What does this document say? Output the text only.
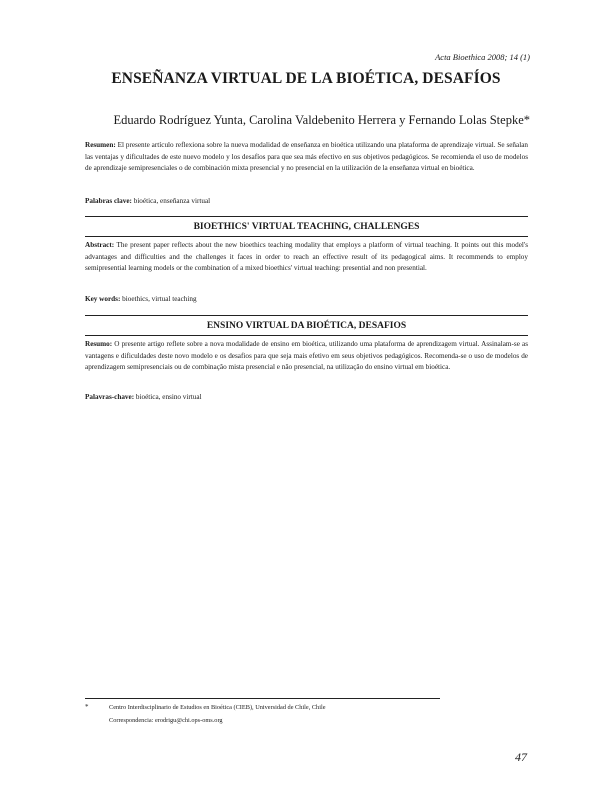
Acta Bioethica 2008; 14 (1)
ENSEÑANZA VIRTUAL DE LA BIOÉTICA, DESAFÍOS
Eduardo Rodríguez Yunta, Carolina Valdebenito Herrera y Fernando Lolas Stepke*
Resumen: El presente artículo reflexiona sobre la nueva modalidad de enseñanza en bioética utilizando una plataforma de aprendizaje virtual. Se señalan las ventajas y dificultades de este nuevo modelo y los desafíos para que sea más efectivo en sus objetivos pedagógicos. Se recomienda el uso de modelos de aprendizaje semipresenciales o de combinación mixta presencial y no presencial en la utilización de la enseñanza virtual en bioética.
Palabras clave: bioética, enseñanza virtual
BIOETHICS' VIRTUAL TEACHING, CHALLENGES
Abstract: The present paper reflects about the new bioethics teaching modality that employs a platform of virtual teaching. It points out this model's advantages and difficulties and the challenges it faces in order to reach an effective result of its pedagogical aims. It recommends to employ semipresential learning models or the combination of a mixed bioethics' virtual teaching: presential and non presential.
Key words: bioethics, virtual teaching
ENSINO VIRTUAL DA BIOÉTICA, DESAFIOS
Resumo: O presente artigo reflete sobre a nova modalidade de ensino em bioética, utilizando uma plataforma de aprendizagem virtual. Assinalam-se as vantagens e dificuldades deste novo modelo e os desafios para que seja mais efetivo em seus objetivos pedagógicos. Recomenda-se o uso de modelos de aprendizagem semipresenciais ou de combinação mista presencial e não presencial, na utilização do ensino virtual em bioética.
Palavras-chave: bioética, ensino virtual
*	Centro Interdisciplinario de Estudios en Bioética (CIEB), Universidad de Chile, Chile
Correspondencia: erodrigu@chi.ops-oms.org
47
